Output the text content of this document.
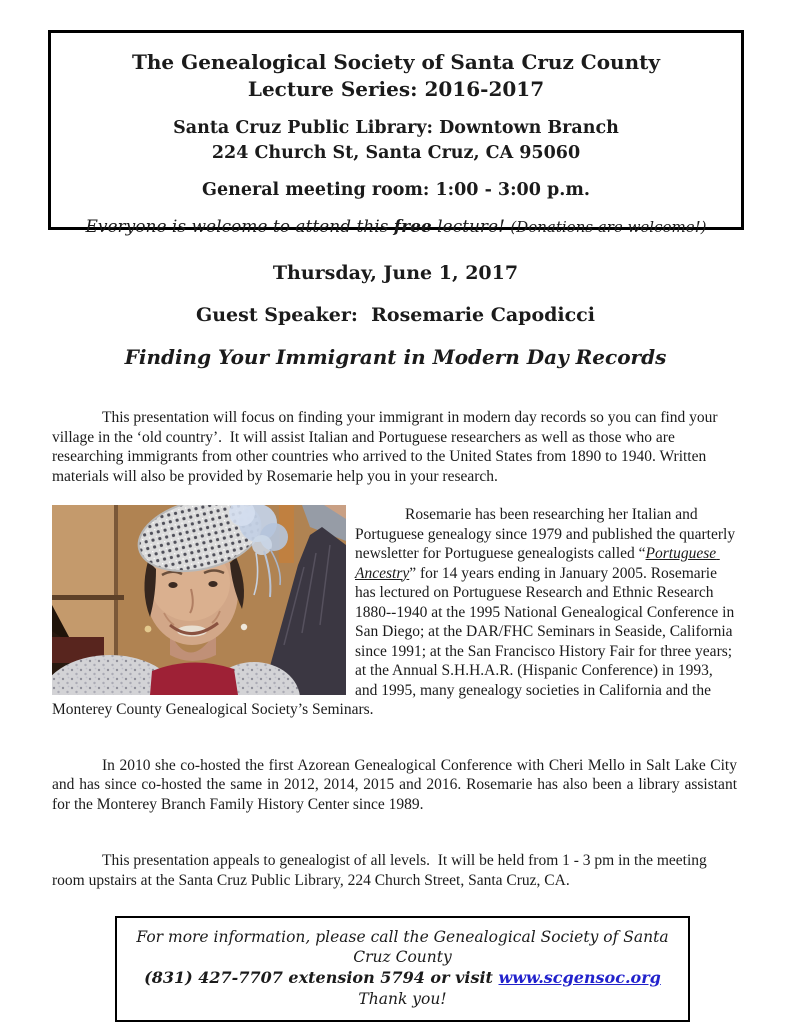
The Genealogical Society of Santa Cruz County
Lecture Series: 2016-2017
Santa Cruz Public Library: Downtown Branch
224 Church St, Santa Cruz, CA 95060
General meeting room: 1:00 - 3:00 p.m.
Everyone is welcome to attend this free lecture! (Donations are welcome!)
Thursday, June 1, 2017
Guest Speaker:  Rosemarie Capodicci
Finding Your Immigrant in Modern Day Records

This presentation will focus on finding your immigrant in modern day records so you can find your village in the ‘old country’.  It will assist Italian and Portuguese researchers as well as those who are researching immigrants from other countries who arrived to the United States from 1890 to 1940. Written materials will also be provided by Rosemarie help you in your research.

Rosemarie has been researching her Italian and Portuguese genealogy since 1979 and published the quarterly newsletter for Portuguese genealogists called “Portuguese Ancestry” for 14 years ending in January 2005. Rosemarie has lectured on Portuguese Research and Ethnic Research 1880--1940 at the 1995 National Genealogical Conference in San Diego; at the DAR/FHC Seminars in Seaside, California since 1991; at the San Francisco History Fair for three years; at the Annual S.H.H.A.R. (Hispanic Conference) in 1993, and 1995, many genealogy societies in California and the Monterey County Genealogical Society’s Seminars.

In 2010 she co-hosted the first Azorean Genealogical Conference with Cheri Mello in Salt Lake City and has since co-hosted the same in 2012, 2014, 2015 and 2016. Rosemarie has also been a library assistant for the Monterey Branch Family History Center since 1989.

This presentation appeals to genealogist of all levels.  It will be held from 1 - 3 pm in the meeting room upstairs at the Santa Cruz Public Library, 224 Church Street, Santa Cruz, CA.

For more information, please call the Genealogical Society of Santa Cruz County
(831) 427-7707 extension 5794 or visit www.scgensoc.org
Thank you!
